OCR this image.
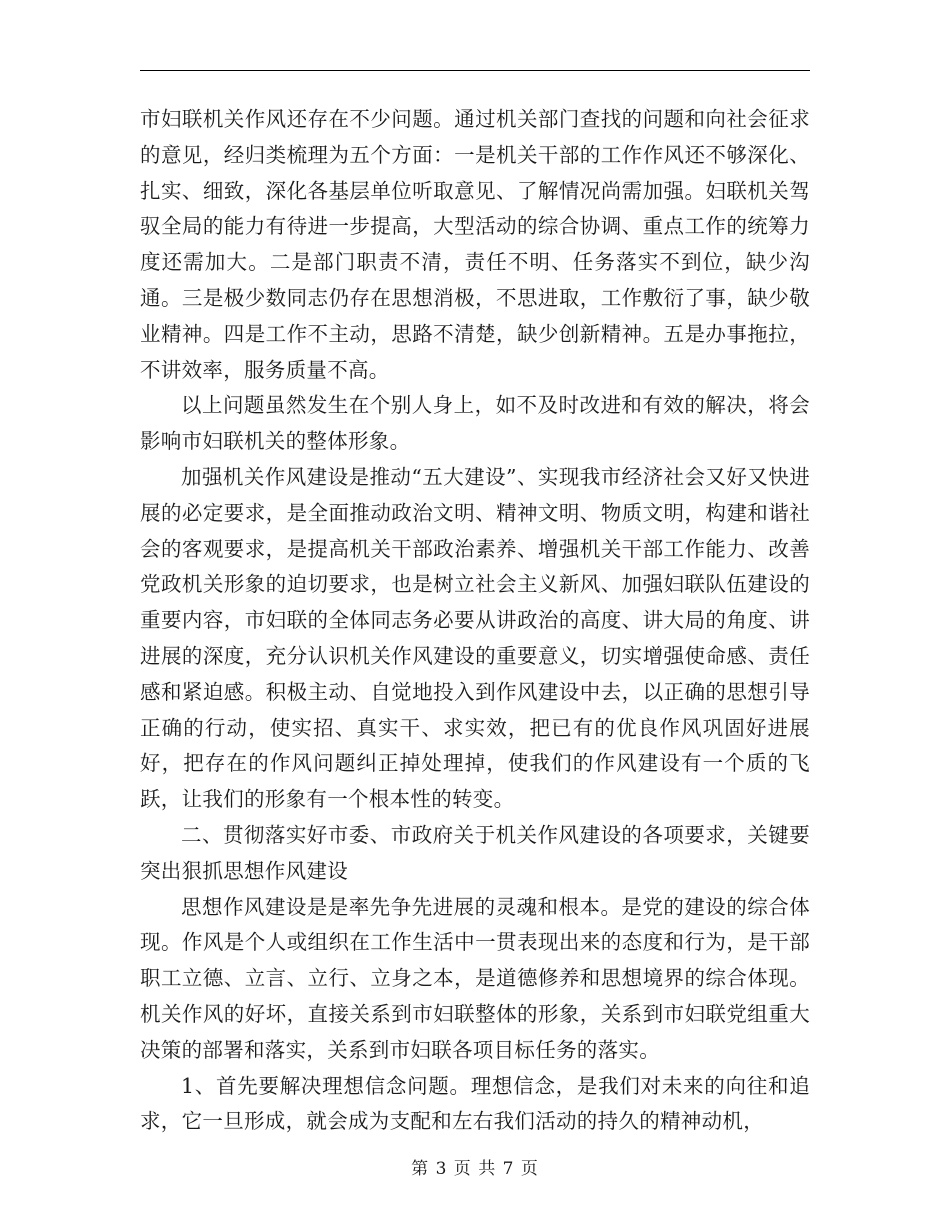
市妇联机关作风还存在不少问题。通过机关部门查找的问题和向社会征求的意见，经归类梳理为五个方面：一是机关干部的工作作风还不够深化、扎实、细致，深化各基层单位听取意见、了解情况尚需加强。妇联机关驾驭全局的能力有待进一步提高，大型活动的综合协调、重点工作的统筹力度还需加大。二是部门职责不清，责任不明、任务落实不到位，缺少沟通。三是极少数同志仍存在思想消极，不思进取，工作敷衍了事，缺少敬业精神。四是工作不主动，思路不清楚，缺少创新精神。五是办事拖拉，不讲效率，服务质量不高。

以上问题虽然发生在个别人身上，如不及时改进和有效的解决，将会影响市妇联机关的整体形象。

加强机关作风建设是推动“五大建设”、实现我市经济社会又好又快进展的必定要求，是全面推动政治文明、精神文明、物质文明，构建和谐社会的客观要求，是提高机关干部政治素养、增强机关干部工作能力、改善党政机关形象的迫切要求，也是树立社会主义新风、加强妇联队伍建设的重要内容，市妇联的全体同志务必要从讲政治的高度、讲大局的角度、讲进展的深度，充分认识机关作风建设的重要意义，切实增强使命感、责任感和紧迫感。积极主动、自觉地投入到作风建设中去，以正确的思想引导正确的行动，使实招、真实干、求实效，把已有的优良作风巩固好进展好，把存在的作风问题纠正掉处理掉，使我们的作风建设有一个质的飞跃，让我们的形象有一个根本性的转变。

二、贯彻落实好市委、市政府关于机关作风建设的各项要求，关键要突出狠抓思想作风建设

思想作风建设是是率先争先进展的灵魂和根本。是党的建设的综合体现。作风是个人或组织在工作生活中一贯表现出来的态度和行为，是干部职工立德、立言、立行、立身之本，是道德修养和思想境界的综合体现。机关作风的好坏，直接关系到市妇联整体的形象，关系到市妇联党组重大决策的部署和落实，关系到市妇联各项目标任务的落实。

1、首先要解决理想信念问题。理想信念，是我们对未来的向往和追求，它一旦形成，就会成为支配和左右我们活动的持久的精神动机，

第 3 页 共 7 页
